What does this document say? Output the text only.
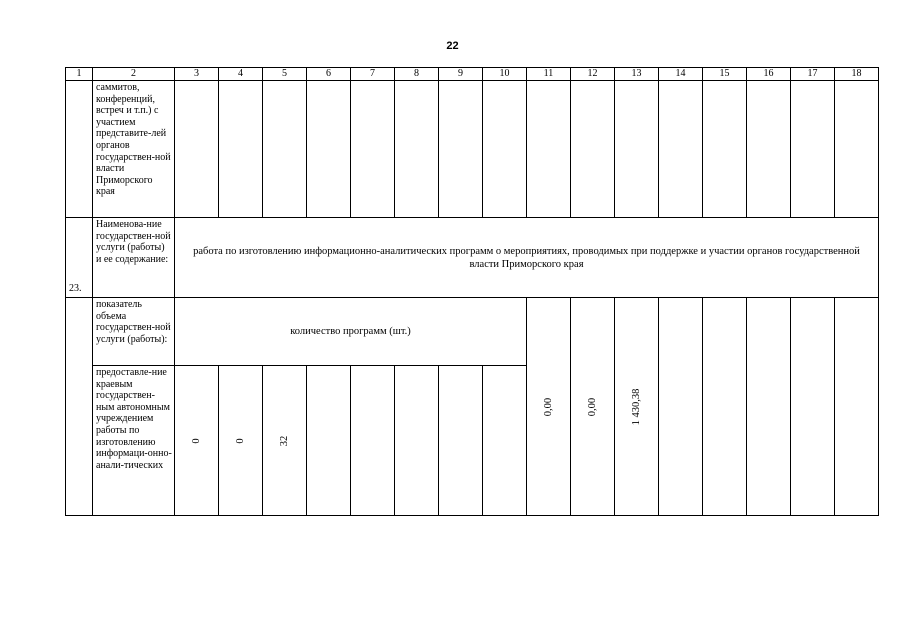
22
1	2	3	4	5	6	7	8	9	10	11	12	13	14	15	16	17	18
	саммитов, конференций, встреч и т.п.) с участием представите-лей органов государствен-ной власти Приморского края																
23.	Наименова-ние государствен-ной услуги (работы) и ее содержание:	работа по изготовлению информационно-аналитических программ о мероприятиях, проводимых при поддержке и участии органов государственной власти Приморского края															
	показатель объема государствен-ной услуги (работы):	количество программ (шт.)								0,00	0,00	1 430,38					

	предоставле-ние краевым государствен-ным автономным учреждением работы по изготовлению информаци-онно-анали-тических	0	0	32													
